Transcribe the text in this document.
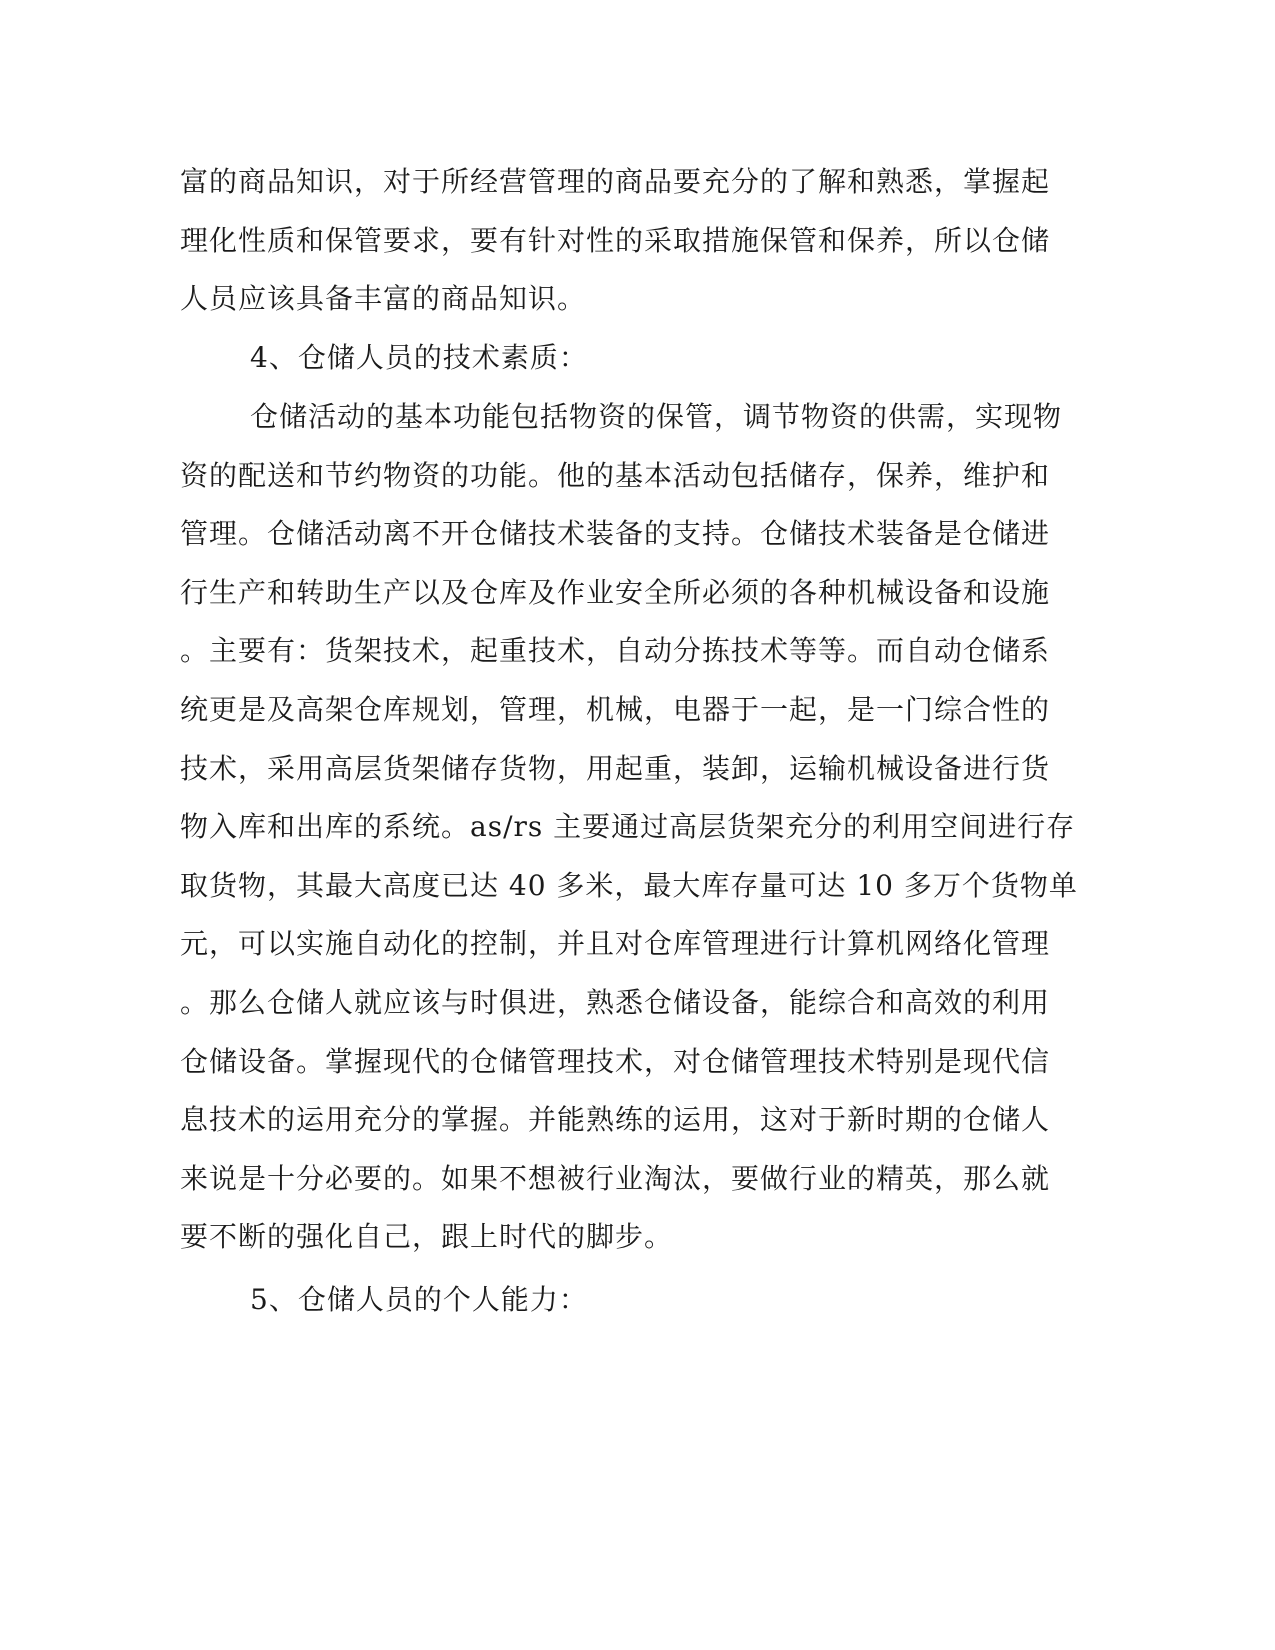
富的商品知识，对于所经营管理的商品要充分的了解和熟悉，掌握起
理化性质和保管要求，要有针对性的采取措施保管和保养，所以仓储
人员应该具备丰富的商品知识。
4、仓储人员的技术素质：
仓储活动的基本功能包括物资的保管，调节物资的供需，实现物
资的配送和节约物资的功能。他的基本活动包括储存，保养，维护和
管理。仓储活动离不开仓储技术装备的支持。仓储技术装备是仓储进
行生产和转助生产以及仓库及作业安全所必须的各种机械设备和设施
。主要有：货架技术，起重技术，自动分拣技术等等。而自动仓储系
统更是及高架仓库规划，管理，机械，电器于一起，是一门综合性的
技术，采用高层货架储存货物，用起重，装卸，运输机械设备进行货
物入库和出库的系统。as/rs 主要通过高层货架充分的利用空间进行存
取货物，其最大高度已达 40 多米，最大库存量可达 10 多万个货物单
元，可以实施自动化的控制，并且对仓库管理进行计算机网络化管理
。那么仓储人就应该与时俱进，熟悉仓储设备，能综合和高效的利用
仓储设备。掌握现代的仓储管理技术，对仓储管理技术特别是现代信
息技术的运用充分的掌握。并能熟练的运用，这对于新时期的仓储人
来说是十分必要的。如果不想被行业淘汰，要做行业的精英，那么就
要不断的强化自己，跟上时代的脚步。
5、仓储人员的个人能力：
